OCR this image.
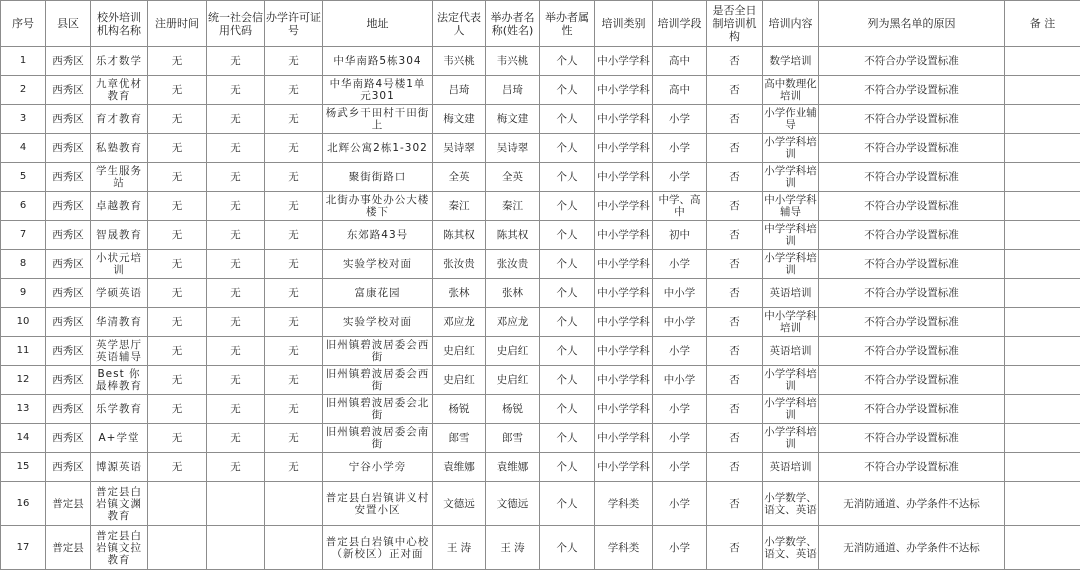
序号	县区	校外培训机构名称	注册时间	统一社会信用代码	办学许可证号	地址	法定代表人	举办者名称(姓名)	举办者属性	培训类别	培训学段	是否全日制培训机构	培训内容	列为黑名单的原因	备 注
1	西秀区	乐才数学	无	无	无	中华南路5栋304	韦兴桃	韦兴桃	个人	中小学学科	高中	否	数学培训	不符合办学设置标准	
2	西秀区	九章优材教育	无	无	无	中华南路4号楼1单元301	吕琦	吕琦	个人	中小学学科	高中	否	高中数理化培训	不符合办学设置标准	
3	西秀区	育才教育	无	无	无	杨武乡干田村干田街上	梅文建	梅文建	个人	中小学学科	小学	否	小学作业辅导	不符合办学设置标准	
4	西秀区	私塾教育	无	无	无	北辉公寓2栋1-302	吴诗翠	吴诗翠	个人	中小学学科	小学	否	小学学科培训	不符合办学设置标准	
5	西秀区	学生服务站	无	无	无	聚街街路口	全英	全英	个人	中小学学科	小学	否	小学学科培训	不符合办学设置标准	
6	西秀区	卓越教育	无	无	无	北街办事处办公大楼楼下	秦江	秦江	个人	中小学学科	中学、高中	否	中小学学科辅导	不符合办学设置标准	
7	西秀区	智晟教育	无	无	无	东郊路43号	陈其权	陈其权	个人	中小学学科	初中	否	中学学科培训	不符合办学设置标准	
8	西秀区	小状元培训	无	无	无	实验学校对面	张汝贵	张汝贵	个人	中小学学科	小学	否	小学学科培训	不符合办学设置标准	
9	西秀区	学硕英语	无	无	无	富康花园	张林	张林	个人	中小学学科	中小学	否	英语培训	不符合办学设置标准	
10	西秀区	华清教育	无	无	无	实验学校对面	邓应龙	邓应龙	个人	中小学学科	中小学	否	中小学学科培训	不符合办学设置标准	
11	西秀区	英学思厅英语辅导	无	无	无	旧州镇碧波居委会西街	史启红	史启红	个人	中小学学科	小学	否	英语培训	不符合办学设置标准	
12	西秀区	Best 你最棒教育	无	无	无	旧州镇碧波居委会西街	史启红	史启红	个人	中小学学科	中小学	否	小学学科培训	不符合办学设置标准	
13	西秀区	乐学教育	无	无	无	旧州镇碧波居委会北街	杨锐	杨锐	个人	中小学学科	小学	否	小学学科培训	不符合办学设置标准	
14	西秀区	A+学堂	无	无	无	旧州镇碧波居委会南街	郎雪	郎雪	个人	中小学学科	小学	否	小学学科培训	不符合办学设置标准	
15	西秀区	博源英语	无	无	无	宁谷小学旁	袁维娜	袁维娜	个人	中小学学科	小学	否	英语培训	不符合办学设置标准	
16	普定县	普定县白岩镇文渊教育				普定县白岩镇讲义村安置小区	文德远	文德远	个人	学科类	小学	否	小学数学、语文、英语	无消防通道、办学条件不达标	
17	普定县	普定县白岩镇文拉教育				普定县白岩镇中心校（新校区）正对面	王 涛	王 涛	个人	学科类	小学	否	小学数学、语文、英语	无消防通道、办学条件不达标	
